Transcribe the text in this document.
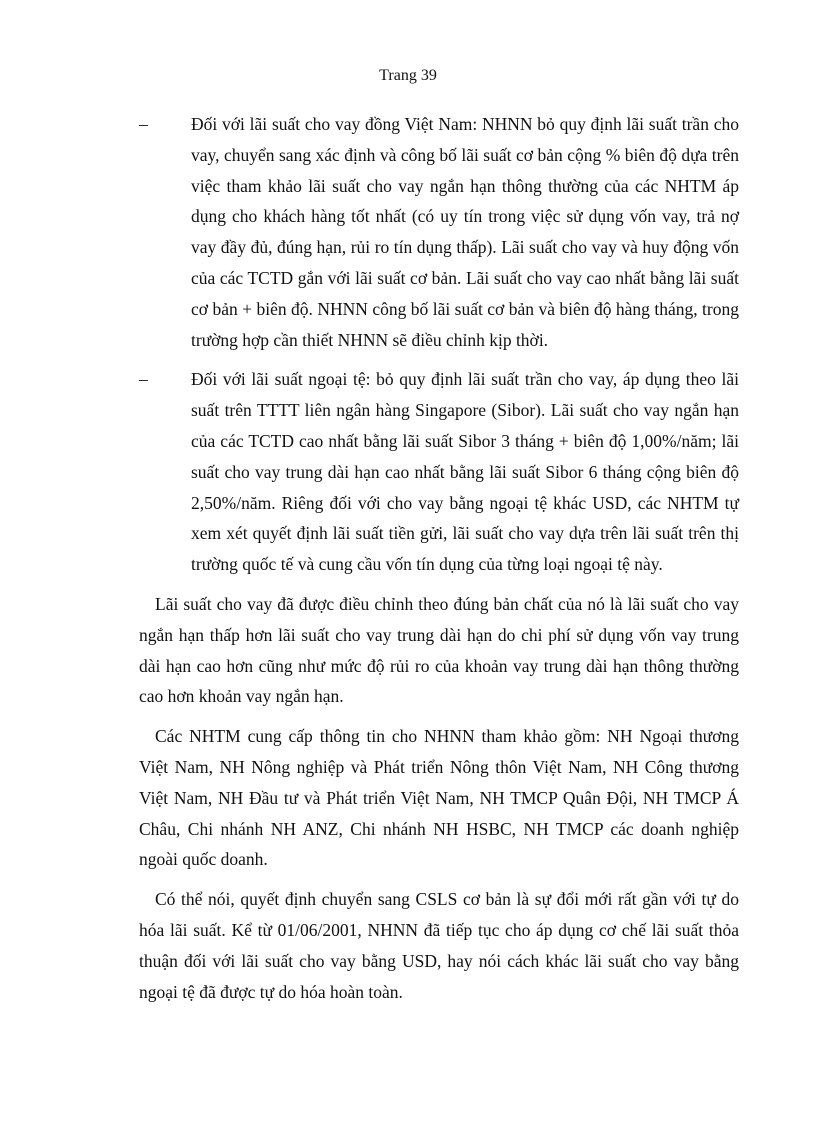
Trang 39
–	Đối với lãi suất cho vay đồng Việt Nam: NHNN bỏ quy định lãi suất trần cho vay, chuyển sang xác định và công bố lãi suất cơ bản cộng % biên độ dựa trên việc tham khảo lãi suất cho vay ngắn hạn thông thường của các NHTM áp dụng cho khách hàng tốt nhất (có uy tín trong việc sử dụng vốn vay, trả nợ vay đầy đủ, đúng hạn, rủi ro tín dụng thấp). Lãi suất cho vay và huy động vốn của các TCTD gắn với lãi suất cơ bản. Lãi suất cho vay cao nhất bằng lãi suất cơ bản + biên độ. NHNN công bố lãi suất cơ bản và biên độ hàng tháng, trong trường hợp cần thiết NHNN sẽ điều chỉnh kịp thời.
–	Đối với lãi suất ngoại tệ: bỏ quy định lãi suất trần cho vay, áp dụng theo lãi suất trên TTTT liên ngân hàng Singapore (Sibor). Lãi suất cho vay ngắn hạn của các TCTD cao nhất bằng lãi suất Sibor 3 tháng + biên độ 1,00%/năm; lãi suất cho vay trung dài hạn cao nhất bằng lãi suất Sibor 6 tháng cộng biên độ 2,50%/năm. Riêng đối với cho vay bằng ngoại tệ khác USD, các NHTM tự xem xét quyết định lãi suất tiền gửi, lãi suất cho vay dựa trên lãi suất trên thị trường quốc tế và cung cầu vốn tín dụng của từng loại ngoại tệ này.

Lãi suất cho vay đã được điều chỉnh theo đúng bản chất của nó là lãi suất cho vay ngắn hạn thấp hơn lãi suất cho vay trung dài hạn do chi phí sử dụng vốn vay trung dài hạn cao hơn cũng như mức độ rủi ro của khoản vay trung dài hạn thông thường cao hơn khoản vay ngắn hạn.

Các NHTM cung cấp thông tin cho NHNN tham khảo gồm: NH Ngoại thương Việt Nam, NH Nông nghiệp và Phát triển Nông thôn Việt Nam, NH Công thương Việt Nam, NH Đầu tư và Phát triển Việt Nam, NH TMCP Quân Đội, NH TMCP Á Châu, Chi nhánh NH ANZ, Chi nhánh NH HSBC, NH TMCP các doanh nghiệp ngoài quốc doanh.

Có thể nói, quyết định chuyển sang CSLS cơ bản là sự đổi mới rất gần với tự do hóa lãi suất. Kể từ 01/06/2001, NHNN đã tiếp tục cho áp dụng cơ chế lãi suất thỏa thuận đối với lãi suất cho vay bằng USD, hay nói cách khác lãi suất cho vay bằng ngoại tệ đã được tự do hóa hoàn toàn.
